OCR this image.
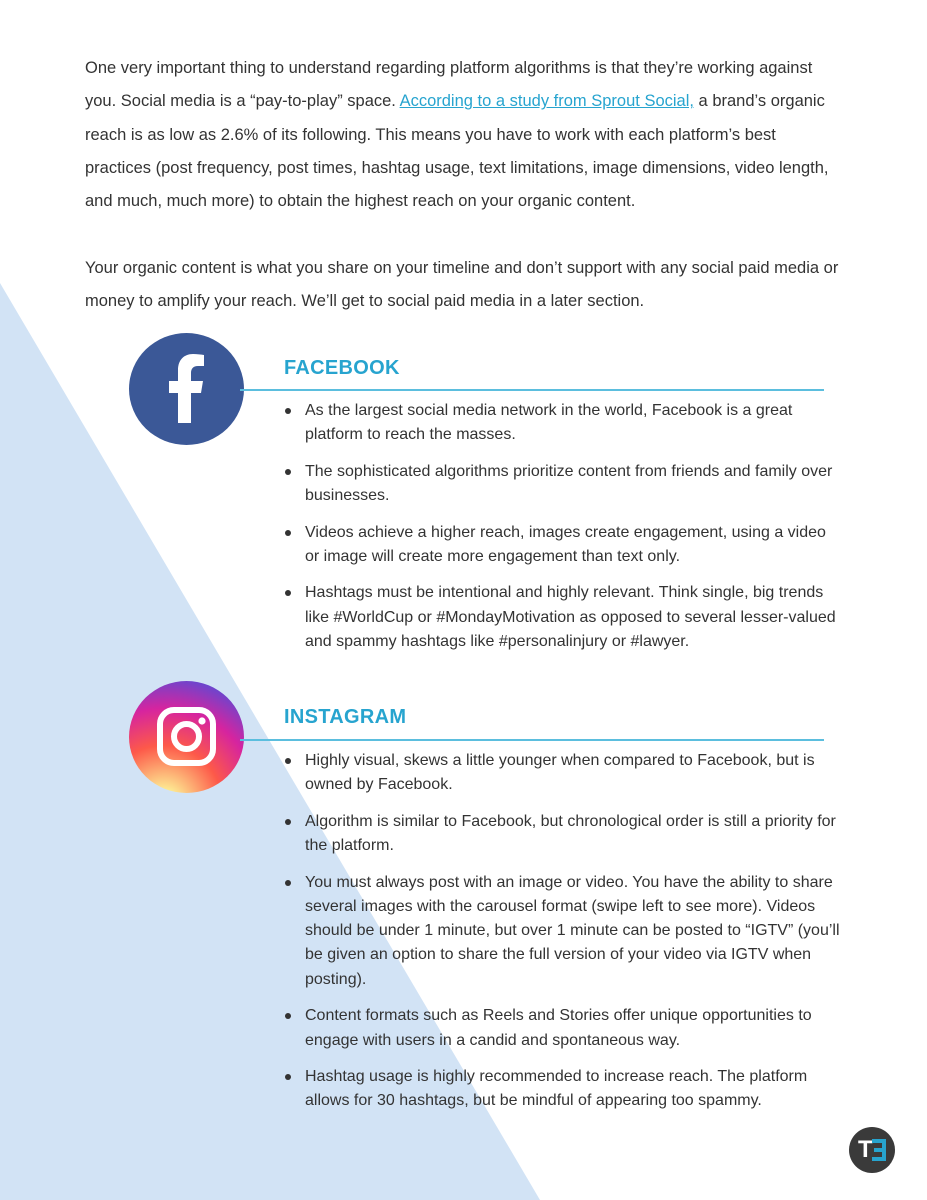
One very important thing to understand regarding platform algorithms is that they’re working against you. Social media is a “pay-to-play” space. According to a study from Sprout Social, a brand’s organic reach is as low as 2.6% of its following. This means you have to work with each platform’s best practices (post frequency, post times, hashtag usage, text limitations, image dimensions, video length, and much, much more) to obtain the highest reach on your organic content.

Your organic content is what you share on your timeline and don’t support with any social paid media or money to amplify your reach. We’ll get to social paid media in a later section.

FACEBOOK
As the largest social media network in the world, Facebook is a great platform to reach the masses.
The sophisticated algorithms prioritize content from friends and family over businesses.
Videos achieve a higher reach, images create engagement, using a video or image will create more engagement than text only.
Hashtags must be intentional and highly relevant. Think single, big trends like #WorldCup or #MondayMotivation as opposed to several lesser-valued and spammy hashtags like #personalinjury or #lawyer.
INSTAGRAM
Highly visual, skews a little younger when compared to Facebook, but is owned by Facebook.
Algorithm is similar to Facebook, but chronological order is still a priority for the platform.
You must always post with an image or video. You have the ability to share several images with the carousel format (swipe left to see more). Videos should be under 1 minute, but over 1 minute can be posted to “IGTV” (you’ll be given an option to share the full version of your video via IGTV when posting).
Content formats such as Reels and Stories offer unique opportunities to engage with users in a candid and spontaneous way.
Hashtag usage is highly recommended to increase reach. The platform allows for 30 hashtags, but be mindful of appearing too spammy.
T
